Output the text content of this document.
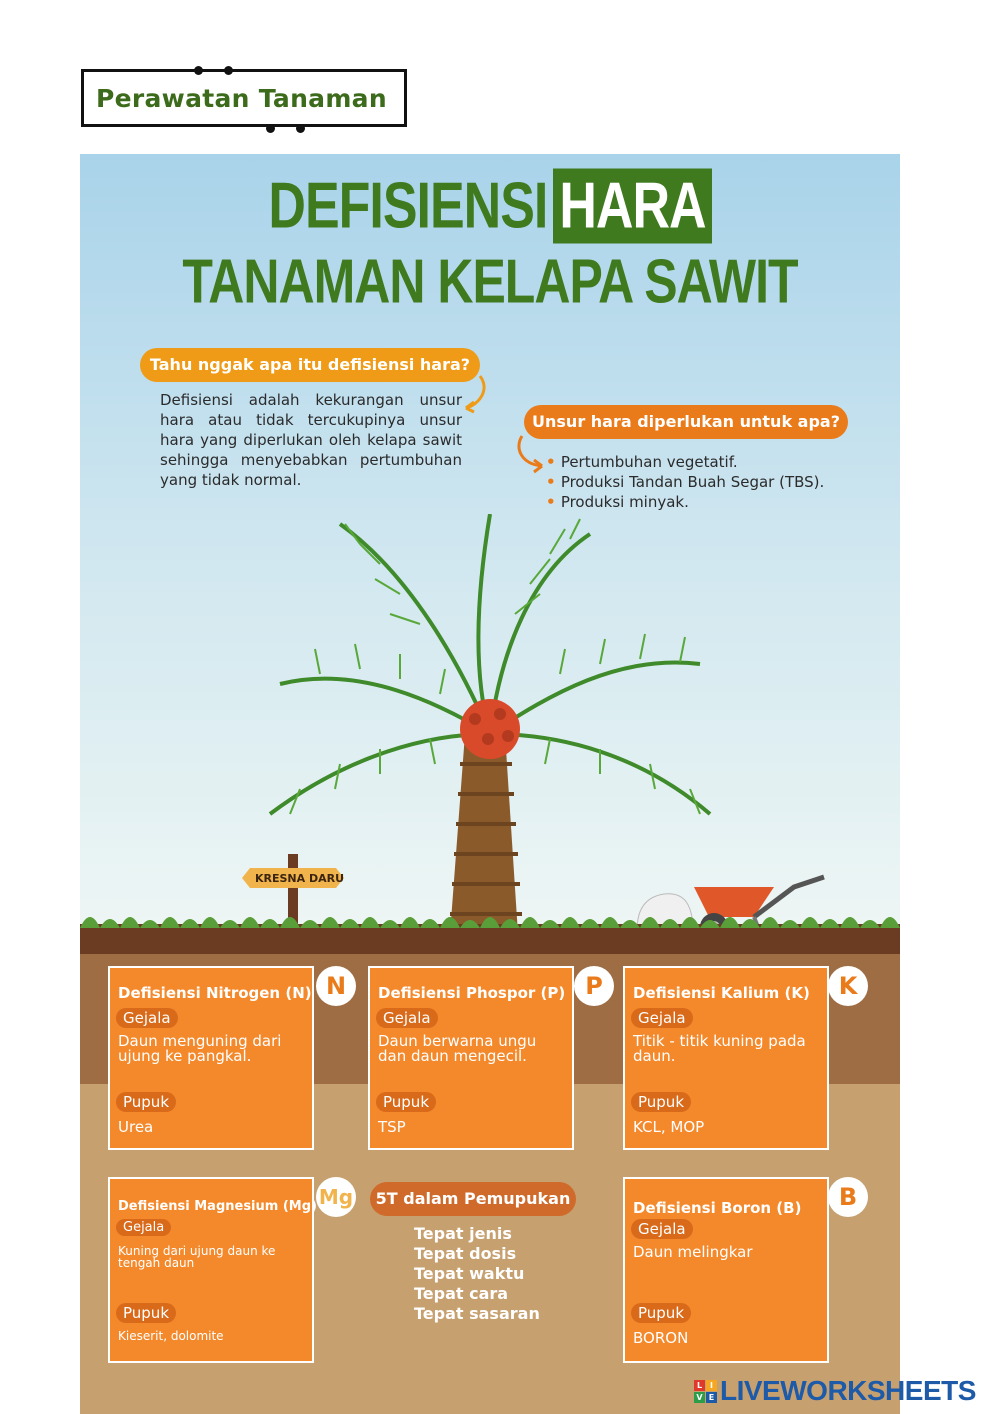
Perawatan Tanaman
DEFISIENSI HARA
TANAMAN KELAPA SAWIT
Tahu nggak apa itu defisiensi hara?
Defisiensi adalah kekurangan unsur hara atau tidak tercukupinya unsur hara yang diperlukan oleh kelapa sawit sehingga menyebabkan pertumbuhan yang tidak normal.
Unsur hara diperlukan untuk apa?
• Pertumbuhan vegetatif.
• Produksi Tandan Buah Segar (TBS).
• Produksi minyak.
KRESNA DARU
Defisiensi Nitrogen (N)
Gejala
Daun menguning dari ujung ke pangkal.
Pupuk
Urea
N	Defisiensi Phospor (P)
Gejala
Daun berwarna ungu dan daun mengecil.
Pupuk
TSP
P	Defisiensi Kalium (K)
Gejala
Titik - titik kuning pada daun.
Pupuk
KCL, MOP
K
Defisiensi Magnesium (Mg)
Gejala
Kuning dari ujung daun ke tengah daun
Pupuk
Kieserit, dolomite
Mg	5T dalam Pemupukan
Tepat jenis
Tepat dosis
Tepat waktu
Tepat cara
Tepat sasaran
Defisiensi Boron (B)
Gejala
Daun melingkar
Pupuk
BORON
B
L I
V E LIVEWORKSHEETS
